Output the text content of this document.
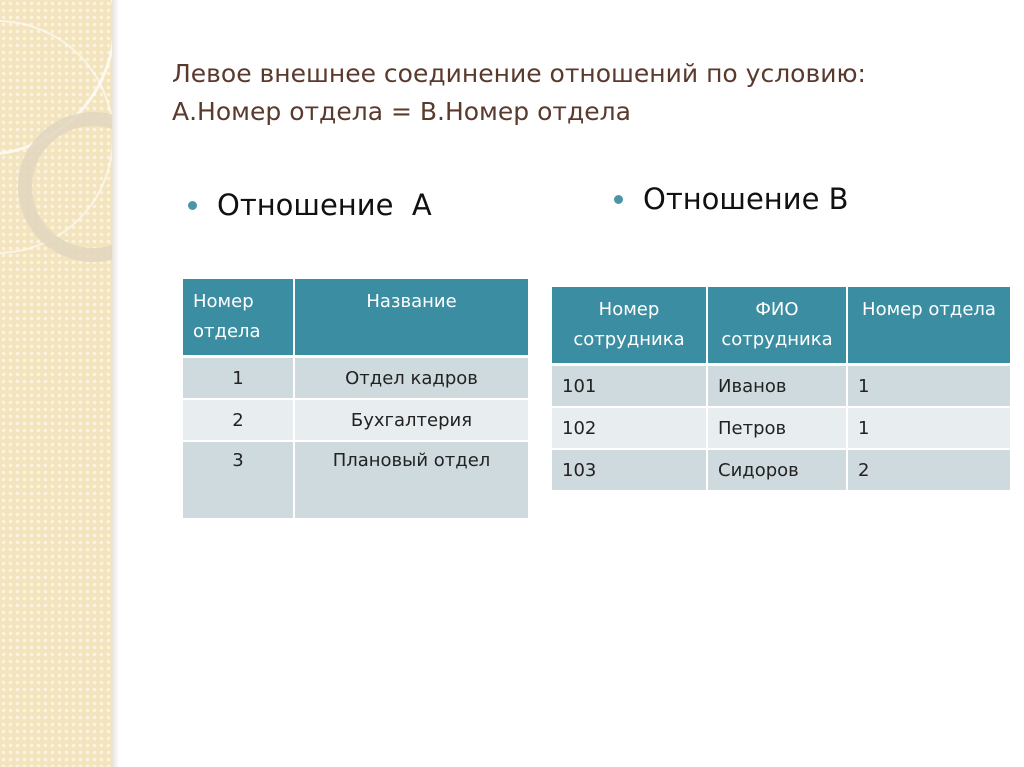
Левое внешнее соединение отношений по условию:
А.Номер отдела = В.Номер отдела
Отношение  А	Отношение В
Номер отдела	Название
1	Отдел кадров
2	Бухгалтерия
3	Плановый отдел
Номер сотрудника	ФИО сотрудника	Номер отдела
101	Иванов	1
102	Петров	1
103	Сидоров	2
